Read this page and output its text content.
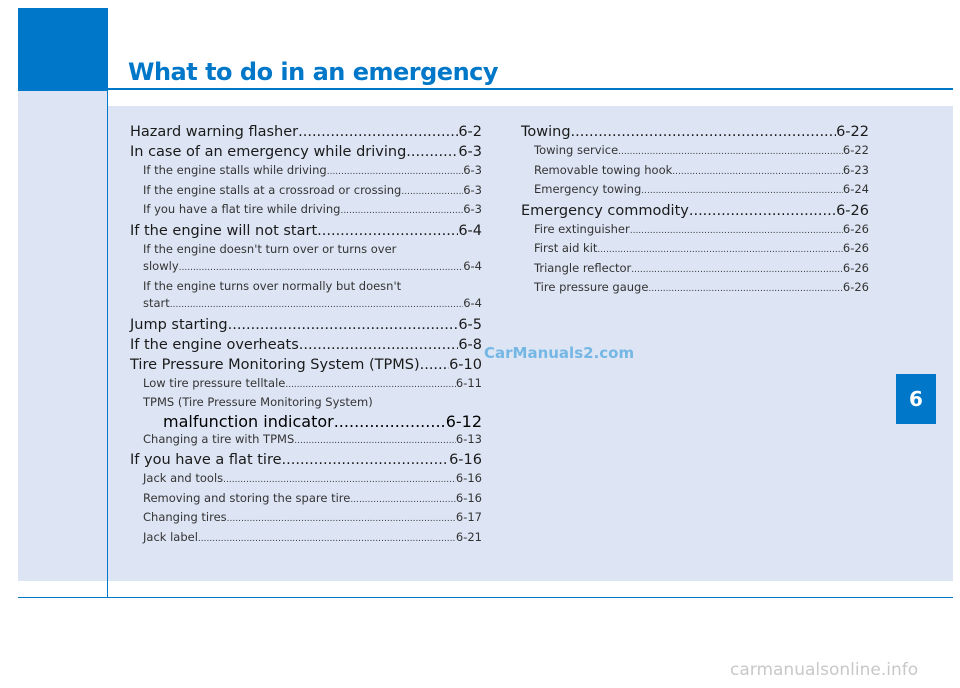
What to do in an emergency
6
Hazard warning flasher .....	6-2
In case of an emergency while driving .....	6-3
If the engine stalls while driving .....	6-3
If the engine stalls at a crossroad or crossing .....	6-3
If you have a flat tire while driving .....	6-3
If the engine will not start .....	6-4
If the engine doesn't turn over or turns over
slowly .....	6-4
If the engine turns over normally but doesn't
start .....	6-4
Jump starting .....	6-5
If the engine overheats .....	6-8
Tire Pressure Monitoring System (TPMS) ..... 6-10
Low tire pressure telltale .....	6-11
TPMS (Tire Pressure Monitoring System)
malfunction indicator .....	6-12
Changing a tire with TPMS .....	6-13
If you have a flat tire .....	6-16
Jack and tools .....	6-16
Removing and storing the spare tire .....	6-16
Changing tires .....	6-17
Jack label .....	6-21
Towing .....	6-22
Towing service .....	6-22
Removable towing hook .....	6-23
Emergency towing .....	6-24
Emergency commodity .....	6-26
Fire extinguisher .....	6-26
First aid kit .....	6-26
Triangle reflector .....	6-26
Tire pressure gauge .....	6-26

CarManuals2.com

carmanualsonline.info
